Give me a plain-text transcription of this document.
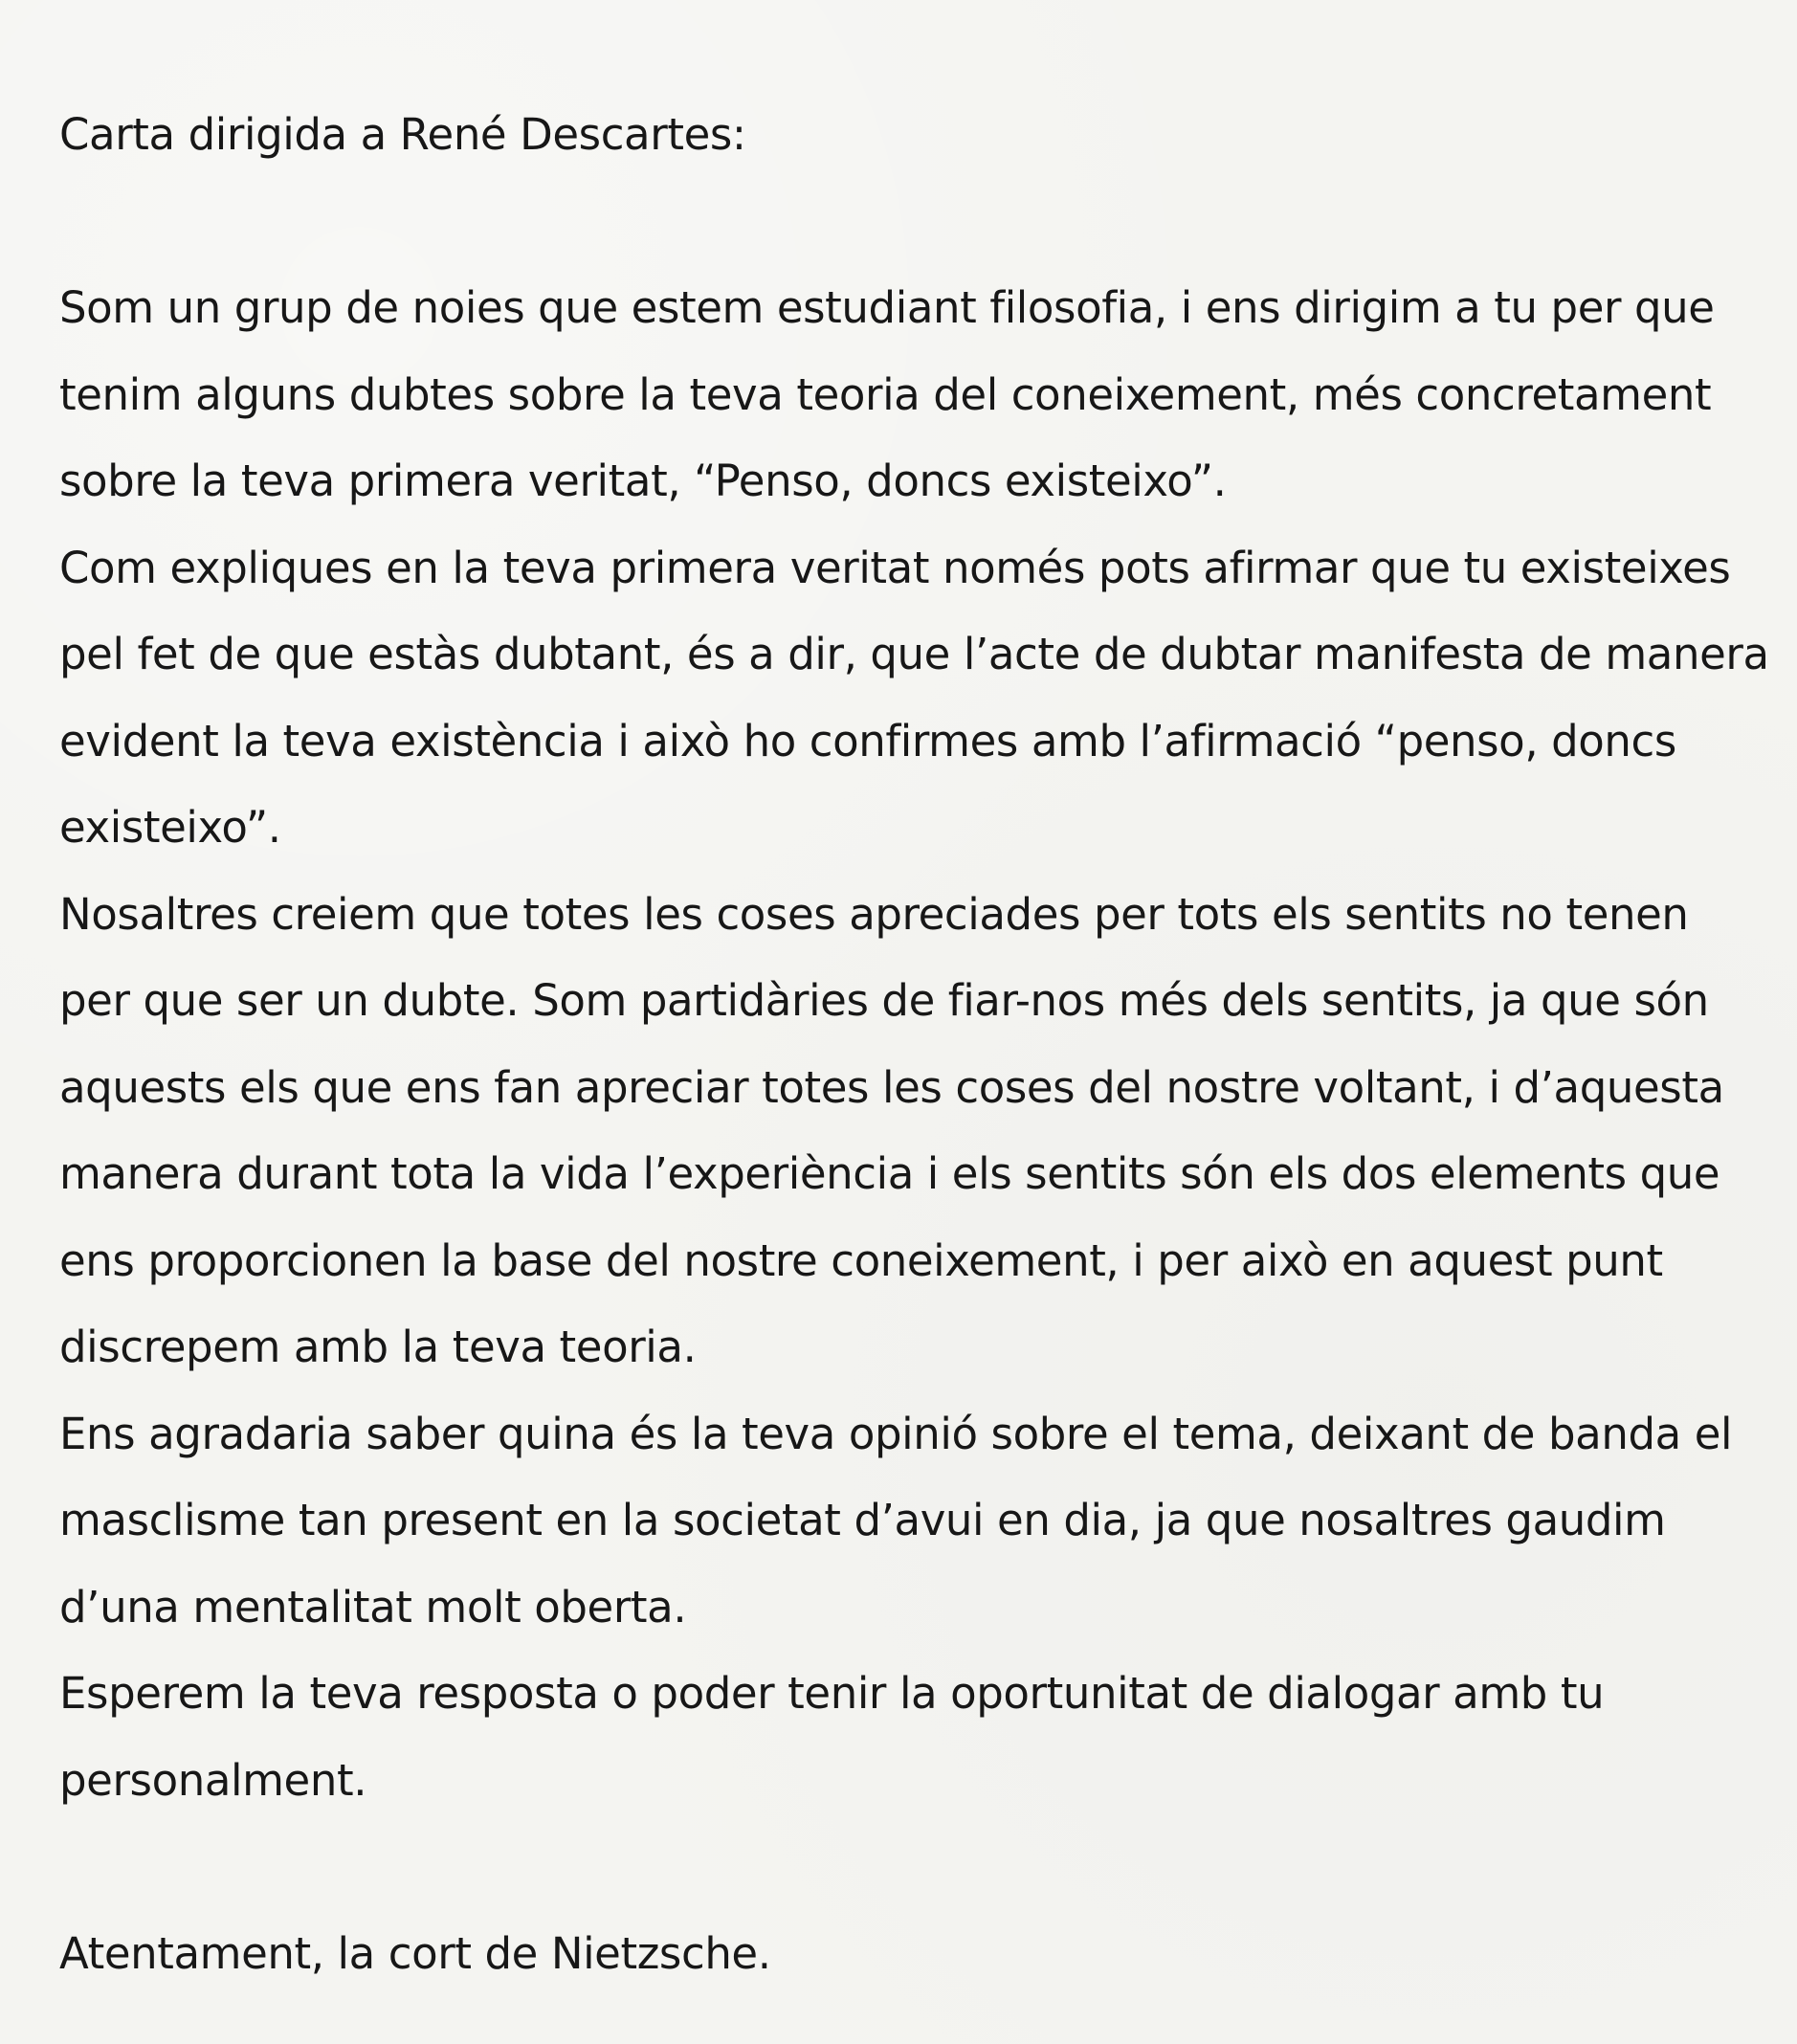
Carta dirigida a René Descartes:
Som un grup de noies que estem estudiant filosofia, i ens dirigim a tu per que
tenim alguns dubtes sobre la teva teoria del coneixement, més concretament
sobre la teva primera veritat, “Penso, doncs existeixo”.
Com expliques en la teva primera veritat només pots afirmar que tu existeixes
pel fet de que estàs dubtant, és a dir, que l’acte de dubtar manifesta de manera
evident la teva existència i això ho confirmes amb l’afirmació “penso, doncs
existeixo”.
Nosaltres creiem que totes les coses apreciades per tots els sentits no tenen
per que ser un dubte. Som partidàries de fiar-nos més dels sentits, ja que són
aquests els que ens fan apreciar totes les coses del nostre voltant, i d’aquesta
manera durant tota la vida l’experiència i els sentits són els dos elements que
ens proporcionen la base del nostre coneixement, i per això en aquest punt
discrepem amb la teva teoria.
Ens agradaria saber quina és la teva opinió sobre el tema, deixant de banda el
masclisme tan present en la societat d’avui en dia, ja que nosaltres gaudim
d’una mentalitat molt oberta.
Esperem la teva resposta o poder tenir la oportunitat de dialogar amb tu
personalment.
Atentament, la cort de Nietzsche.
